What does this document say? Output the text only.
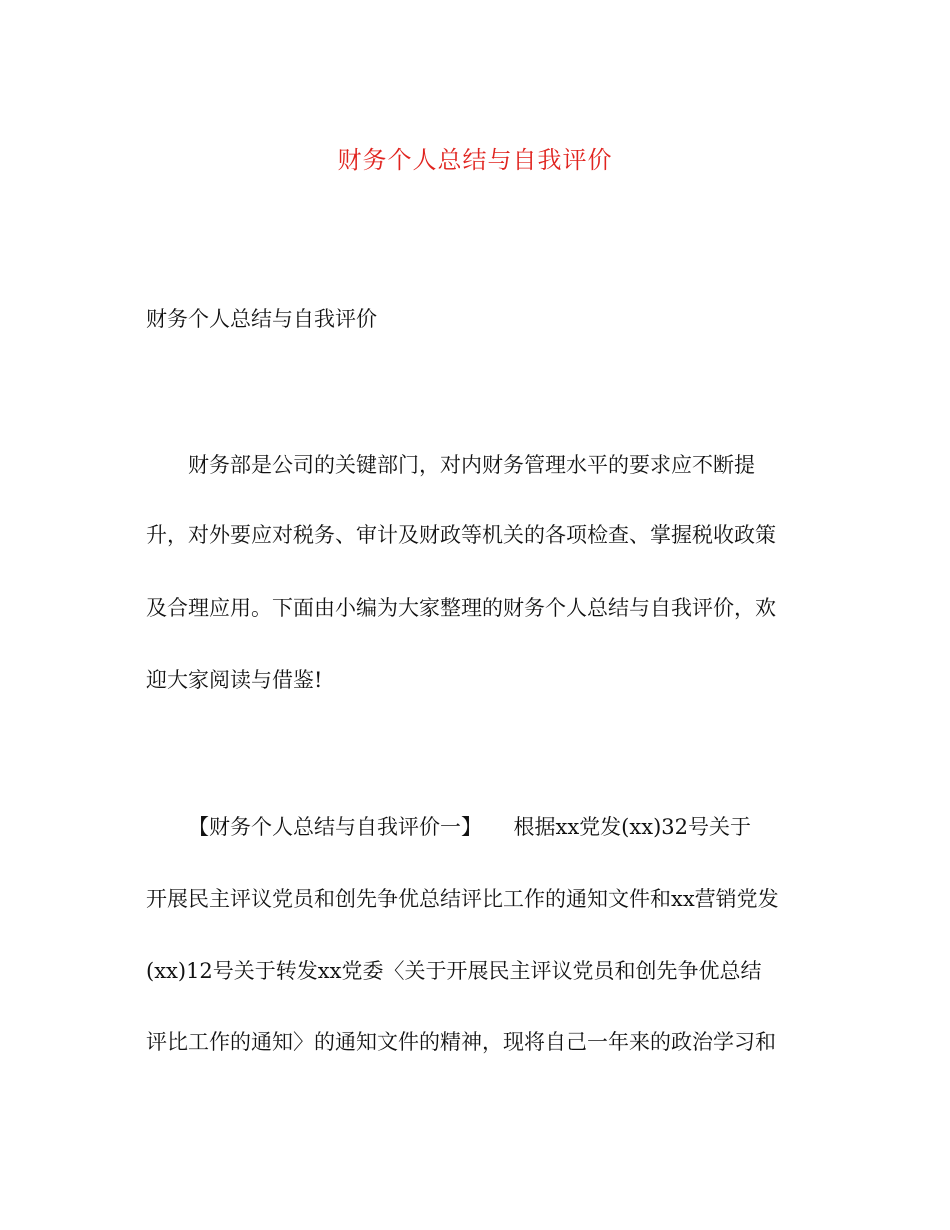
财务个人总结与自我评价
财务个人总结与自我评价
财务部是公司的关键部门，对内财务管理水平的要求应不断提
升，对外要应对税务、审计及财政等机关的各项检查、掌握税收政策
及合理应用。下面由小编为大家整理的财务个人总结与自我评价，欢
迎大家阅读与借鉴!
【财务个人总结与自我评价一】　　根据xx党发(xx)32号关于
开展民主评议党员和创先争优总结评比工作的通知文件和xx营销党发
(xx)12号关于转发xx党委〈关于开展民主评议党员和创先争优总结
评比工作的通知〉的通知文件的精神，现将自己一年来的政治学习和
